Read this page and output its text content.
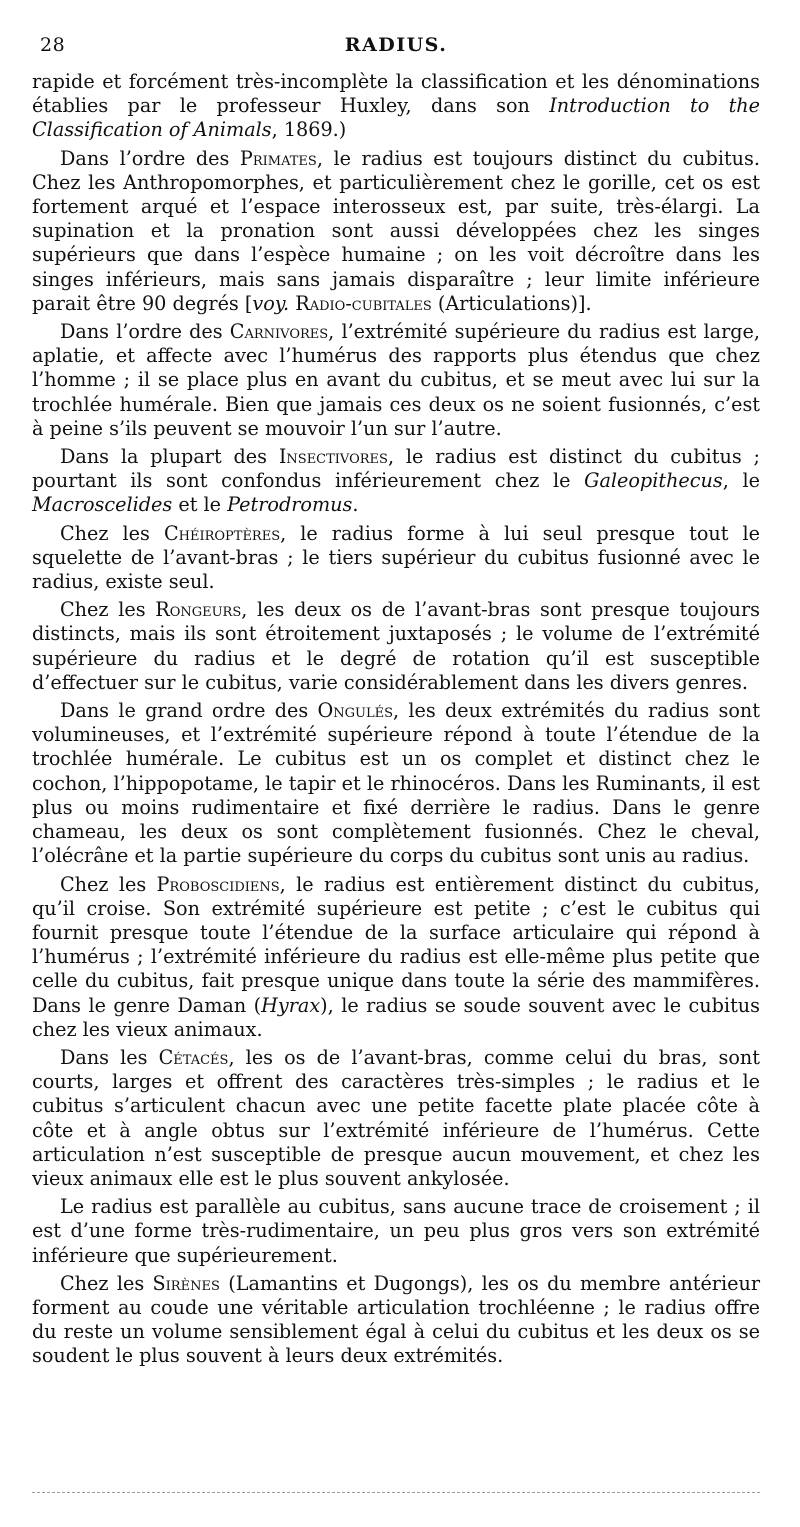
28	RADIUS.

rapide et forcément très-incomplète la classification et les dénominations établies par le professeur Huxley, dans son Introduction to the Classification of Animals, 1869.)

Dans l’ordre des Primates, le radius est toujours distinct du cubitus. Chez les Anthropomorphes, et particulièrement chez le gorille, cet os est fortement arqué et l’espace interosseux est, par suite, très-élargi. La supination et la pronation sont aussi développées chez les singes supérieurs que dans l’espèce humaine ; on les voit décroître dans les singes inférieurs, mais sans jamais disparaître ; leur limite inférieure parait être 90 degrés [voy. Radio-cubitales (Articulations)].

Dans l’ordre des Carnivores, l’extrémité supérieure du radius est large, aplatie, et affecte avec l’humérus des rapports plus étendus que chez l’homme ; il se place plus en avant du cubitus, et se meut avec lui sur la trochlée humérale. Bien que jamais ces deux os ne soient fusionnés, c’est à peine s’ils peuvent se mouvoir l’un sur l’autre.

Dans la plupart des Insectivores, le radius est distinct du cubitus ; pourtant ils sont confondus inférieurement chez le Galeopithecus, le Macroscelides et le Petrodromus.

Chez les Chéiroptères, le radius forme à lui seul presque tout le squelette de l’avant-bras ; le tiers supérieur du cubitus fusionné avec le radius, existe seul.

Chez les Rongeurs, les deux os de l’avant-bras sont presque toujours distincts, mais ils sont étroitement juxtaposés ; le volume de l’extrémité supérieure du radius et le degré de rotation qu’il est susceptible d’effectuer sur le cubitus, varie considérablement dans les divers genres.

Dans le grand ordre des Ongulés, les deux extrémités du radius sont volumineuses, et l’extrémité supérieure répond à toute l’étendue de la trochlée humérale. Le cubitus est un os complet et distinct chez le cochon, l’hippopotame, le tapir et le rhinocéros. Dans les Ruminants, il est plus ou moins rudimentaire et fixé derrière le radius. Dans le genre chameau, les deux os sont complètement fusionnés. Chez le cheval, l’olécrâne et la partie supérieure du corps du cubitus sont unis au radius.

Chez les Proboscidiens, le radius est entièrement distinct du cubitus, qu’il croise. Son extrémité supérieure est petite ; c’est le cubitus qui fournit presque toute l’étendue de la surface articulaire qui répond à l’humérus ; l’extrémité inférieure du radius est elle-même plus petite que celle du cubitus, fait presque unique dans toute la série des mammifères. Dans le genre Daman (Hyrax), le radius se soude souvent avec le cubitus chez les vieux animaux.

Dans les Cétacés, les os de l’avant-bras, comme celui du bras, sont courts, larges et offrent des caractères très-simples ; le radius et le cubitus s’articulent chacun avec une petite facette plate placée côte à côte et à angle obtus sur l’extrémité inférieure de l’humérus. Cette articulation n’est susceptible de presque aucun mouvement, et chez les vieux animaux elle est le plus souvent ankylosée.

Le radius est parallèle au cubitus, sans aucune trace de croisement ; il est d’une forme très-rudimentaire, un peu plus gros vers son extrémité inférieure que supérieurement.

Chez les Sirènes (Lamantins et Dugongs), les os du membre antérieur forment au coude une véritable articulation trochléenne ; le radius offre du reste un volume sensiblement égal à celui du cubitus et les deux os se soudent le plus souvent à leurs deux extrémités.
